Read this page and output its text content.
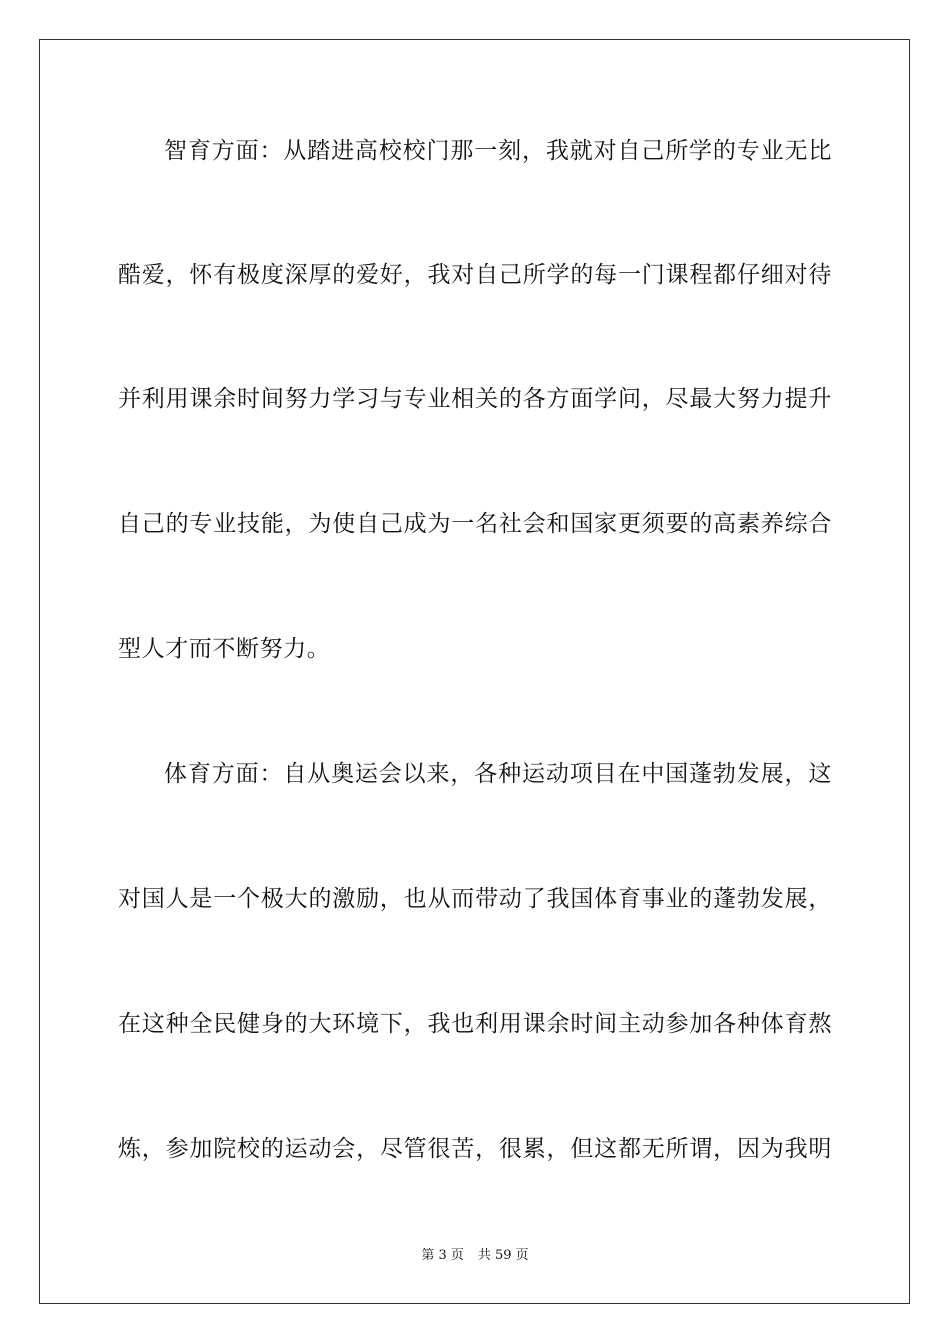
智育方面：从踏进高校校门那一刻，我就对自己所学的专业无比
酷爱，怀有极度深厚的爱好，我对自己所学的每一门课程都仔细对待
并利用课余时间努力学习与专业相关的各方面学问，尽最大努力提升
自己的专业技能，为使自己成为一名社会和国家更须要的高素养综合
型人才而不断努力。
体育方面：自从奥运会以来，各种运动项目在中国蓬勃发展，这
对国人是一个极大的激励，也从而带动了我国体育事业的蓬勃发展，
在这种全民健身的大环境下，我也利用课余时间主动参加各种体育熬
炼，参加院校的运动会，尽管很苦，很累，但这都无所谓，因为我明
第 3 页 共 59 页
